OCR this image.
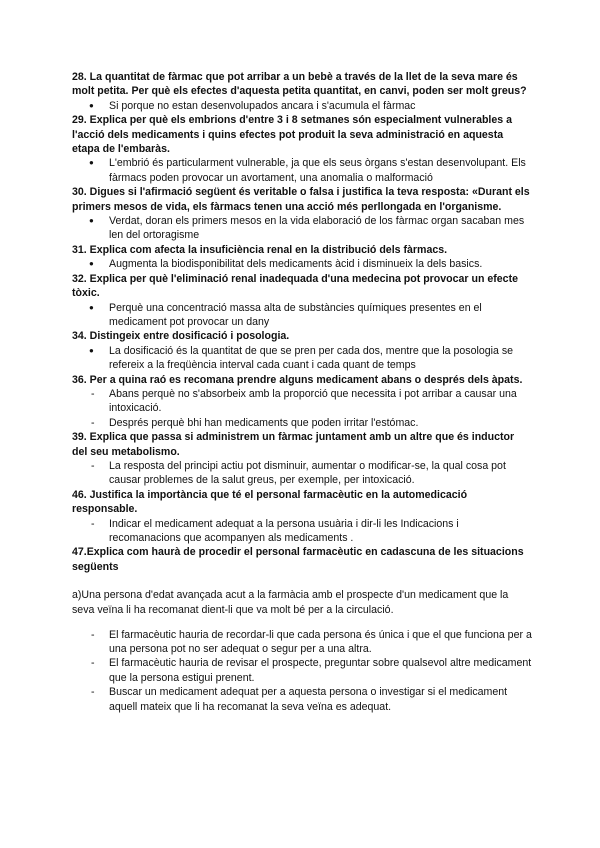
28. La quantitat de fàrmac que pot arribar a un bebè a través de la llet de la seva mare és molt petita. Per què els efectes d'aquesta petita quantitat, en canvi, poden ser molt greus?

● Si porque no estan desenvolupados ancara i s'acumula el fàrmac

29. Explica per què els embrions d'entre 3 i 8 setmanes són especialment vulnerables a l'acció dels medicaments i quins efectes pot produit la seva administració en aquesta etapa de l'embaràs.

● L'embrió és particularment vulnerable, ja que els seus òrgans s'estan desenvolupant. Els fàrmacs poden provocar un avortament, una anomalia o malformació

30. Digues si l'afirmació següent és veritable o falsa i justifica la teva resposta: «Durant els primers mesos de vida, els fàrmacs tenen una acció més perllongada en l'organisme.

● Verdat, doran els primers mesos en la vida elaboració de los fàrmac organ sacaban mes len del ortoragisme

31. Explica com afecta la insuficiència renal en la distribució dels fàrmacs.

● Augmenta la biodisponibilitat dels medicaments àcid i disminueix la dels basics.

32. Explica per què l'eliminació renal inadequada d'una medecina pot provocar un efecte tòxic.

● Perquè una concentració massa alta de substàncies químiques presentes en el medicament pot provocar un dany

34. Distingeix entre dosificació i posologia.

● La dosificació és la quantitat de que se pren per cada dos, mentre que la posologia se refereix a la freqüència interval cada cuant i cada quant de temps

36. Per a quina raó es recomana prendre alguns medicament abans o després dels àpats.

- Abans perquè no s'absorbeix amb la proporció que necessita i pot arribar a causar una intoxicació.
- Després perquè bhi han medicaments que poden irritar l'estómac.

39. Explica que passa si administrem un fàrmac juntament amb un altre que és inductor del seu metabolismo.

- La resposta del principi actiu pot disminuir, aumentar o modificar-se, la qual cosa pot causar problemes de la salut greus, per exemple, per intoxicació.

46. Justifica la importància que té el personal farmacèutic en la automedicació responsable.

- Indicar el medicament adequat a la persona usuària i dir-li les Indicacions i recomanacions que acompanyen als medicaments .

47.Explica com haurà de procedir el personal farmacèutic en cadascuna de les situacions següents

a)Una persona d'edat avançada acut a la farmàcia amb el prospecte d'un medicament que la seva veïna li ha recomanat dient-li que va molt bé per a la circulació.

- El farmacèutic hauria de recordar-li que cada persona és única i que el que funciona per a una persona pot no ser adequat o segur per a una altra.
- El farmacèutic hauria de revisar el prospecte, preguntar sobre qualsevol altre medicament que la persona estigui prenent.
- Buscar un medicament adequat per a aquesta persona o investigar si el medicament aquell mateix que li ha recomanat la seva veïna es adequat.
